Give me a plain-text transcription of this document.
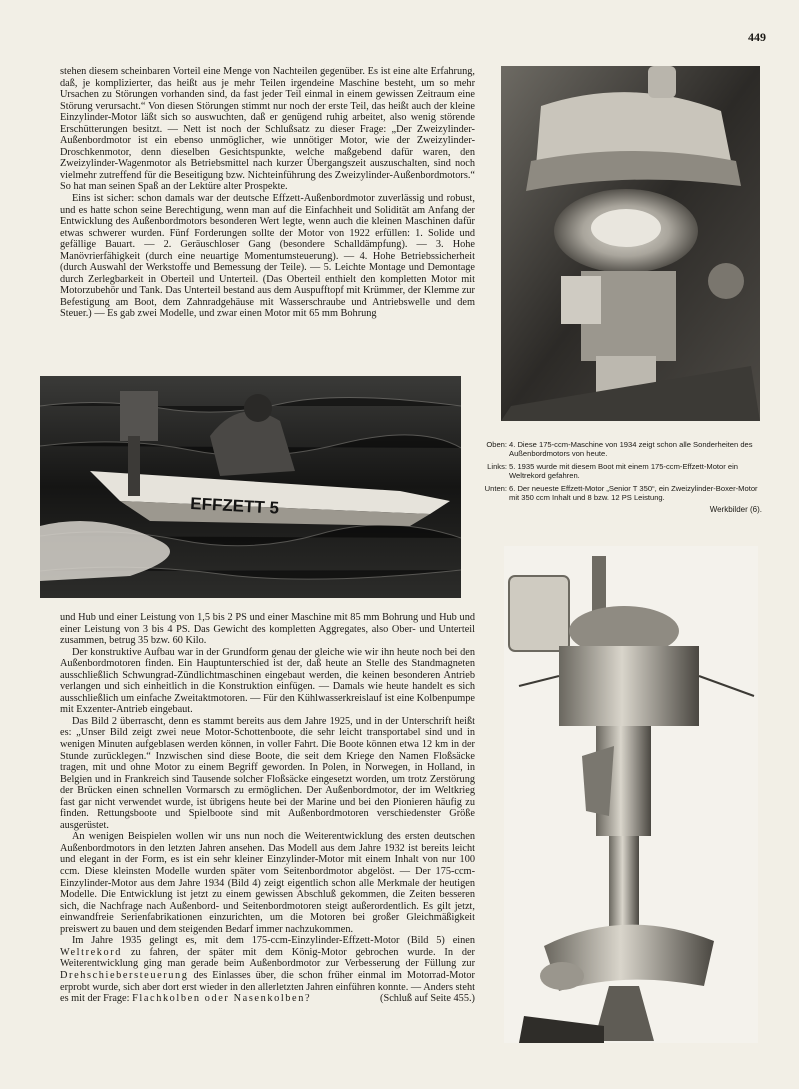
449

stehen diesem scheinbaren Vorteil eine Menge von Nachteilen gegenüber. Es ist eine alte Erfahrung, daß, je komplizierter, das heißt aus je mehr Teilen irgendeine Maschine besteht, um so mehr Ursachen zu Störungen vorhanden sind, da fast jeder Teil einmal in einem gewissen Zeitraum eine Störung verursacht.“ Von diesen Störungen stimmt nur noch der erste Teil, das heißt auch der kleine Einzylinder-Motor läßt sich so auswuchten, daß er genügend ruhig arbeitet, also wenig störende Erschütterungen besitzt. — Nett ist noch der Schlußsatz zu dieser Frage: „Der Zweizylinder-Außenbordmotor ist ein ebenso unmöglicher, wie unnötiger Motor, wie der Zweizylinder-Droschkenmotor, denn dieselben Gesichtspunkte, welche maßgebend dafür waren, den Zweizylinder-Wagenmotor als Betriebsmittel nach kurzer Übergangszeit auszuschalten, sind noch vielmehr zutreffend für die Beseitigung bzw. Nichteinführung des Zweizylinder-Außenbordmotors.“ So hat man seinen Spaß an der Lektüre alter Prospekte.

Eins ist sicher: schon damals war der deutsche Effzett-Außenbordmotor zuverlässig und robust, und es hatte schon seine Berechtigung, wenn man auf die Einfachheit und Solidität am Anfang der Entwicklung des Außenbordmotors besonderen Wert legte, wenn auch die kleinen Maschinen dafür etwas schwerer wurden. Fünf Forderungen sollte der Motor von 1922 erfüllen: 1. Solide und gefällige Bauart. — 2. Geräuschloser Gang (besondere Schalldämpfung). — 3. Hohe Manövrierfähigkeit (durch eine neuartige Momentumsteuerung). — 4. Hohe Betriebssicherheit (durch Auswahl der Werkstoffe und Bemessung der Teile). — 5. Leichte Montage und Demontage durch Zerlegbarkeit in Oberteil und Unterteil. (Das Oberteil enthielt den kompletten Motor mit Motorzubehör und Tank. Das Unterteil bestand aus dem Auspufftopf mit Krümmer, der Klemme zur Befestigung am Boot, dem Zahnradgehäuse mit Wasserschraube und Antriebswelle und dem Steuer.) — Es gab zwei Modelle, und zwar einen Motor mit 65 mm Bohrung

EFFZETT 5
Oben: 4. Diese 175-ccm-Maschine von 1934 zeigt schon alle Sonderheiten des Außenbordmotors von heute.
Links: 5. 1935 wurde mit diesem Boot mit einem 175-ccm-Effzett-Motor ein Weltrekord gefahren.
Unten: 6. Der neueste Effzett-Motor „Senior T 350“, ein Zweizylinder-Boxer-Motor mit 350 ccm Inhalt und 8 bzw. 12 PS Leistung.
Werkbilder (6).

und Hub und einer Leistung von 1,5 bis 2 PS und einer Maschine mit 85 mm Bohrung und Hub und einer Leistung von 3 bis 4 PS. Das Gewicht des kompletten Aggregates, also Ober- und Unterteil zusammen, betrug 35 bzw. 60 Kilo.

Der konstruktive Aufbau war in der Grundform genau der gleiche wie wir ihn heute noch bei den Außenbordmotoren finden. Ein Hauptunterschied ist der, daß heute an Stelle des Standmagneten ausschließlich Schwungrad-Zündlichtmaschinen eingebaut werden, die keinen besonderen Antrieb verlangen und sich einheitlich in die Konstruktion einfügen. — Damals wie heute handelt es sich ausschließlich um einfache Zweitaktmotoren. — Für den Kühlwasserkreislauf ist eine Kolbenpumpe mit Exzenter-Antrieb eingebaut.

Das Bild 2 überrascht, denn es stammt bereits aus dem Jahre 1925, und in der Unterschrift heißt es: „Unser Bild zeigt zwei neue Motor-Schottenboote, die sehr leicht transportabel sind und in wenigen Minuten aufgeblasen werden können, in voller Fahrt. Die Boote können etwa 12 km in der Stunde zurücklegen.“ Inzwischen sind diese Boote, die seit dem Kriege den Namen Floßsäcke tragen, mit und ohne Motor zu einem Begriff geworden. In Polen, in Norwegen, in Holland, in Belgien und in Frankreich sind Tausende solcher Floßsäcke eingesetzt worden, um trotz Zerstörung der Brücken einen schnellen Vormarsch zu ermöglichen. Der Außenbordmotor, der im Weltkrieg fast gar nicht verwendet wurde, ist übrigens heute bei der Marine und bei den Pionieren häufig zu finden. Rettungsboote und Spielboote sind mit Außenbordmotoren verschiedenster Größe ausgerüstet.

An wenigen Beispielen wollen wir uns nun noch die Weiterentwicklung des ersten deutschen Außenbordmotors in den letzten Jahren ansehen. Das Modell aus dem Jahre 1932 ist bereits leicht und elegant in der Form, es ist ein sehr kleiner Einzylinder-Motor mit einem Inhalt von nur 100 ccm. Diese kleinsten Modelle wurden später vom Seitenbordmotor abgelöst. — Der 175-ccm-Einzylinder-Motor aus dem Jahre 1934 (Bild 4) zeigt eigentlich schon alle Merkmale der heutigen Modelle. Die Entwicklung ist jetzt zu einem gewissen Abschluß gekommen, die Zeiten besseren sich, die Nachfrage nach Außenbord- und Seitenbordmotoren steigt außerordentlich. Es gilt jetzt, einwandfreie Serienfabrikationen einzurichten, um die Motoren bei großer Gleichmäßigkeit preiswert zu bauen und dem steigenden Bedarf immer nachzukommen.

Im Jahre 1935 gelingt es, mit dem 175-ccm-Einzylinder-Effzett-Motor (Bild 5) einen Weltrekord zu fahren, der später mit dem König-Motor gebrochen wurde. In der Weiterentwicklung ging man gerade beim Außenbordmotor zur Verbesserung der Füllung zur Drehschiebersteuerung des Einlasses über, die schon früher einmal im Motorrad-Motor erprobt wurde, sich aber dort erst wieder in den allerletzten Jahren einführen konnte. — Anders steht es mit der Frage: Flachkolben oder Nasenkolben?	(Schluß auf Seite 455.)
